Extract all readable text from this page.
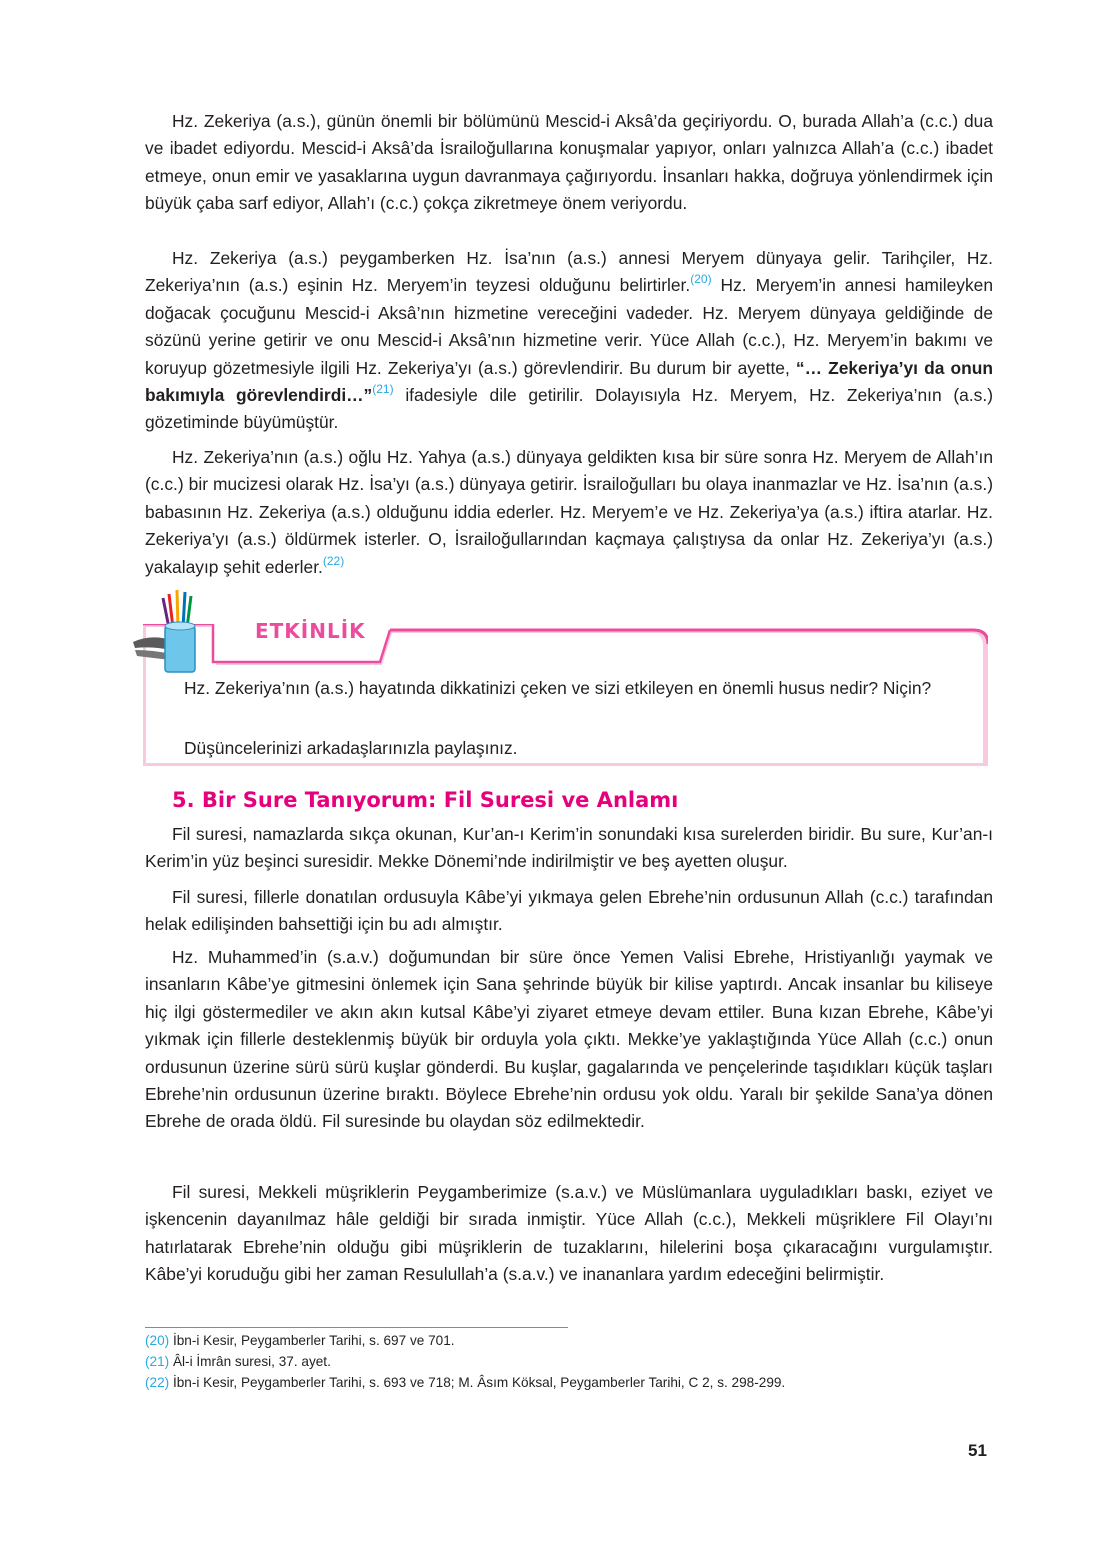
Hz. Zekeriya (a.s.), günün önemli bir bölümünü Mescid-i Aksâ’da geçiriyordu. O, burada Allah’a (c.c.) dua ve ibadet ediyordu. Mescid-i Aksâ’da İsrailoğullarına konuşmalar yapıyor, onları yalnızca Allah’a (c.c.) ibadet etmeye, onun emir ve yasaklarına uygun davranmaya çağırıyordu. İnsanları hakka, doğruya yönlendirmek için büyük çaba sarf ediyor, Allah’ı (c.c.) çokça zikretmeye önem veriyordu.

Hz. Zekeriya (a.s.) peygamberken Hz. İsa’nın (a.s.) annesi Meryem dünyaya gelir. Tarihçiler, Hz. Zekeriya’nın (a.s.) eşinin Hz. Meryem’in teyzesi olduğunu belirtirler.$^{(20)}$ Hz. Meryem’in annesi hamileyken doğacak çocuğunu Mescid-i Aksâ’nın hizmetine vereceğini vadeder. Hz. Meryem dünyaya geldiğinde de sözünü yerine getirir ve onu Mescid-i Aksâ’nın hizmetine verir. Yüce Allah (c.c.), Hz. Meryem’in bakımı ve koruyup gözetmesiyle ilgili Hz. Zekeriya’yı (a.s.) görevlendirir. Bu durum bir ayette, “… Zekeriya’yı da onun bakımıyla görevlendirdi…”$^{(21)}$ ifadesiyle dile getirilir. Dolayısıyla Hz. Meryem, Hz. Zekeriya’nın (a.s.) gözetiminde büyümüştür.

Hz. Zekeriya’nın (a.s.) oğlu Hz. Yahya (a.s.) dünyaya geldikten kısa bir süre sonra Hz. Meryem de Allah’ın (c.c.) bir mucizesi olarak Hz. İsa’yı (a.s.) dünyaya getirir. İsrailoğulları bu olaya inanmazlar ve Hz. İsa’nın (a.s.) babasının Hz. Zekeriya (a.s.) olduğunu iddia ederler. Hz. Meryem’e ve Hz. Zekeriya’ya (a.s.) iftira atarlar. Hz. Zekeriya’yı (a.s.) öldürmek isterler. O, İsrailoğullarından kaçmaya çalıştıysa da onlar Hz. Zekeriya’yı (a.s.) yakalayıp şehit ederler.$^{(22)}$

ETKİNLİK

Hz. Zekeriya’nın (a.s.) hayatında dikkatinizi çeken ve sizi etkileyen en önemli husus nedir? Niçin?

Düşüncelerinizi arkadaşlarınızla paylaşınız.

5. Bir Sure Tanıyorum: Fil Suresi ve Anlamı

Fil suresi, namazlarda sıkça okunan, Kur’an-ı Kerim’in sonundaki kısa surelerden biridir. Bu sure, Kur’an-ı Kerim’in yüz beşinci suresidir. Mekke Dönemi’nde indirilmiştir ve beş ayetten oluşur.

Fil suresi, fillerle donatılan ordusuyla Kâbe’yi yıkmaya gelen Ebrehe’nin ordusunun Allah (c.c.) tarafından helak edilişinden bahsettiği için bu adı almıştır.

Hz. Muhammed’in (s.a.v.) doğumundan bir süre önce Yemen Valisi Ebrehe, Hristiyanlığı yaymak ve insanların Kâbe’ye gitmesini önlemek için Sana şehrinde büyük bir kilise yaptırdı. Ancak insanlar bu kiliseye hiç ilgi göstermediler ve akın akın kutsal Kâbe’yi ziyaret etmeye devam ettiler. Buna kızan Ebrehe, Kâbe’yi yıkmak için fillerle desteklenmiş büyük bir orduyla yola çıktı. Mekke’ye yaklaştığında Yüce Allah (c.c.) onun ordusunun üzerine sürü sürü kuşlar gönderdi. Bu kuşlar, gagalarında ve pençelerinde taşıdıkları küçük taşları Ebrehe’nin ordusunun üzerine bıraktı. Böylece Ebrehe’nin ordusu yok oldu. Yaralı bir şekilde Sana’ya dönen Ebrehe de orada öldü. Fil suresinde bu olaydan söz edilmektedir.

Fil suresi, Mekkeli müşriklerin Peygamberimize (s.a.v.) ve Müslümanlara uyguladıkları baskı, eziyet ve işkencenin dayanılmaz hâle geldiği bir sırada inmiştir. Yüce Allah (c.c.), Mekkeli müşriklere Fil Olayı’nı hatırlatarak Ebrehe’nin olduğu gibi müşriklerin de tuzaklarını, hilelerini boşa çıkaracağını vurgulamıştır. Kâbe’yi koruduğu gibi her zaman Resulullah’a (s.a.v.) ve inananlara yardım edeceğini belirmiştir.

(20) İbn-i Kesir, Peygamberler Tarihi, s. 697 ve 701.

(21) Âl-i İmrân suresi, 37. ayet.

(22) İbn-i Kesir, Peygamberler Tarihi, s. 693 ve 718; M. Âsım Köksal, Peygamberler Tarihi, C 2, s. 298-299.

51
